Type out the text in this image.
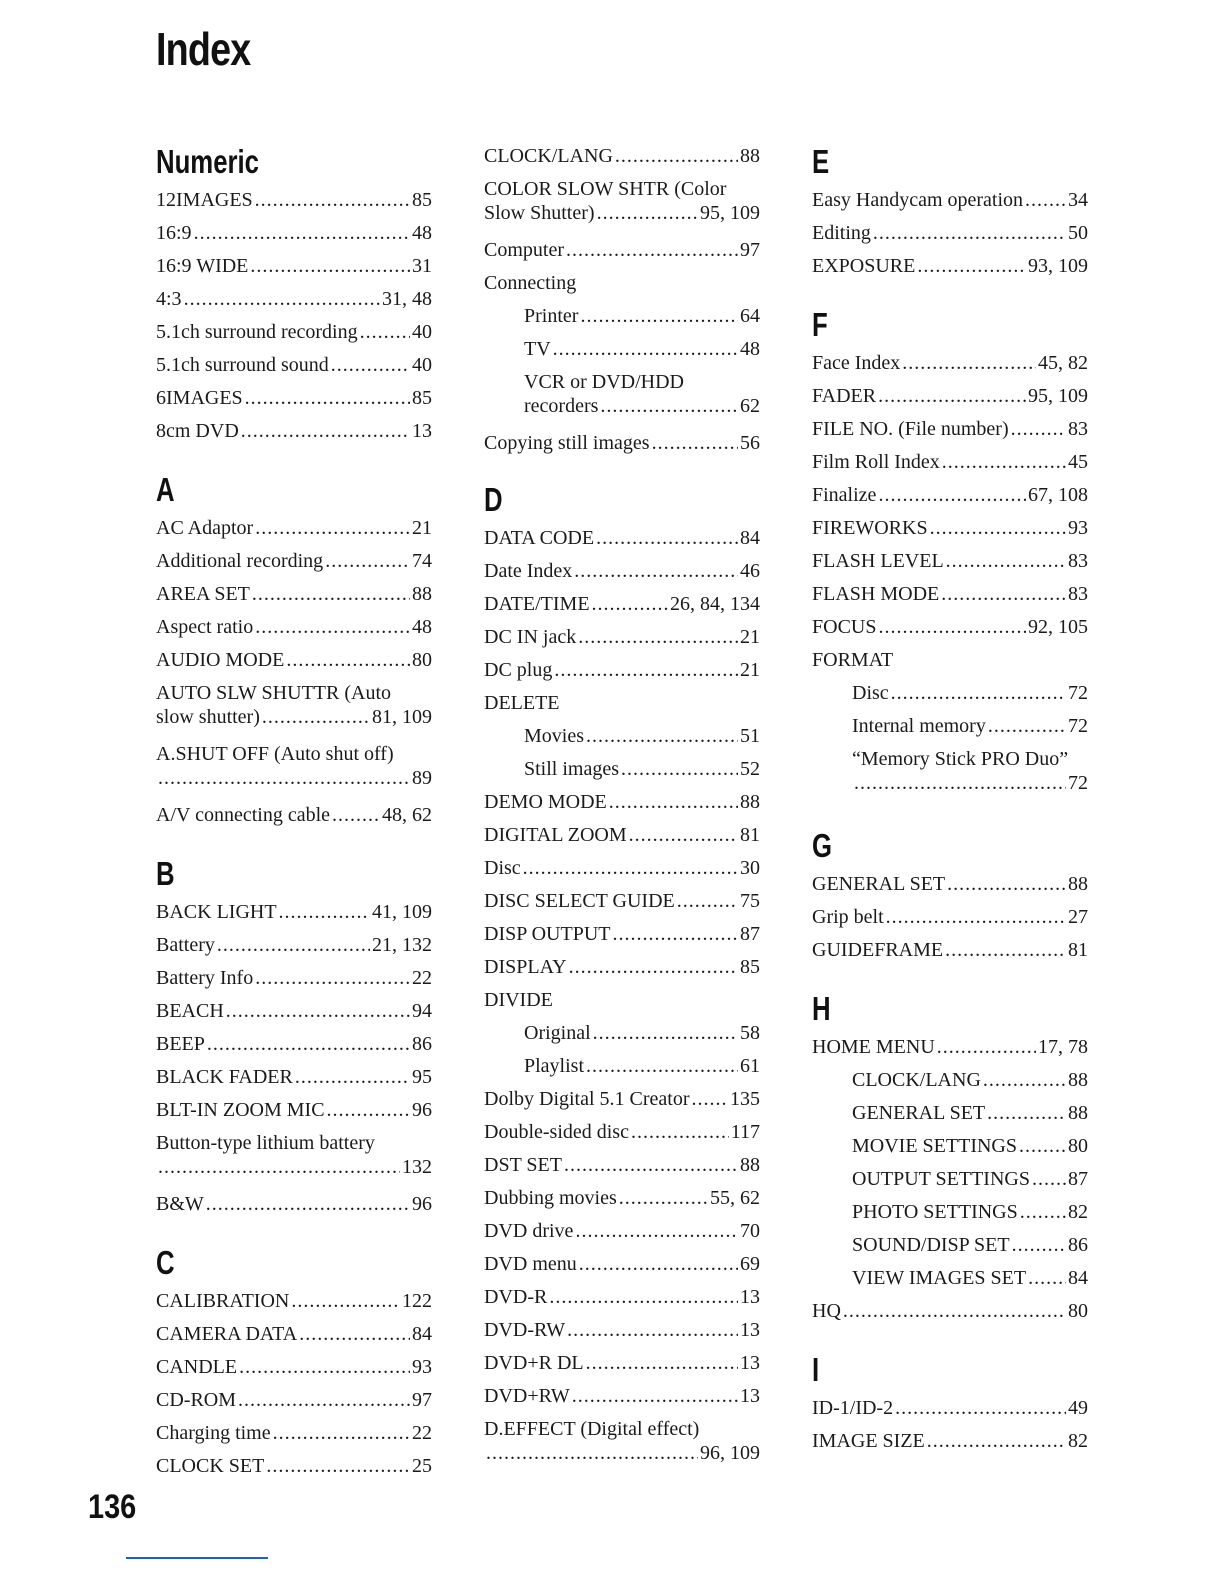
Index
Numeric
12IMAGES .....	85
16:9 .....	48
16:9 WIDE .....	31
4:3 .....	31, 48
5.1ch surround recording .....	40
5.1ch surround sound .....	40
6IMAGES .....	85
8cm DVD .....	13
A
AC Adaptor .....	21
Additional recording .....	74
AREA SET .....	88
Aspect ratio .....	48
AUDIO MODE .....	80
AUTO SLW SHUTTR (Auto
slow shutter) .....	81, 109
A.SHUT OFF (Auto shut off)
.....
89
A/V connecting cable .....	48, 62
B
BACK LIGHT .....	41, 109
Battery .....	21, 132
Battery Info .....	22
BEACH .....	94
BEEP .....	86
BLACK FADER .....	95
BLT-IN ZOOM MIC .....	96
Button-type lithium battery
.....
132
B&W .....	96
C
CALIBRATION .....	122
CAMERA DATA .....	84
CANDLE .....	93
CD-ROM .....	97
Charging time .....	22
CLOCK SET .....	25
CLOCK/LANG .....	88
COLOR SLOW SHTR (Color
Slow Shutter) .....	95, 109
Computer .....	97
Connecting
Printer .....	64
TV .....	48
VCR or DVD/HDD
recorders .....	62
Copying still images .....	56
D
DATA CODE .....	84
Date Index .....	46
DATE/TIME .....	26, 84, 134
DC IN jack .....	21
DC plug .....	21
DELETE
Movies .....	51
Still images .....	52
DEMO MODE .....	88
DIGITAL ZOOM .....	81
Disc .....	30
DISC SELECT GUIDE .....	75
DISP OUTPUT .....	87
DISPLAY .....	85
DIVIDE
Original .....	58
Playlist .....	61
Dolby Digital 5.1 Creator ..... 135
Double-sided disc .....	117
DST SET .....	88
Dubbing movies .....	55, 62
DVD drive .....	70
DVD menu .....	69
DVD-R .....	13
DVD-RW .....	13
DVD+R DL .....	13
DVD+RW .....	13
D.EFFECT (Digital effect)
.....
96, 109
E
Easy Handycam operation ..... 34
Editing .....	50
EXPOSURE .....	93, 109
F
Face Index .....	45, 82
FADER .....	95, 109
FILE NO. (File number) .....	83
Film Roll Index .....	45
Finalize .....	67, 108
FIREWORKS .....	93
FLASH LEVEL .....	83
FLASH MODE .....	83
FOCUS .....	92, 105
FORMAT
Disc .....	72
Internal memory .....	72
“Memory Stick PRO Duo”
.....
72
G
GENERAL SET .....	88
Grip belt .....	27
GUIDEFRAME .....	81
H
HOME MENU .....	17, 78
CLOCK/LANG .....	88
GENERAL SET .....	88
MOVIE SETTINGS .....	80
OUTPUT SETTINGS ..... 87
PHOTO SETTINGS .....	82
SOUND/DISP SET .....	86
VIEW IMAGES SET ..... 84
HQ .....	80
I
ID-1/ID-2 .....	49
IMAGE SIZE .....	82
136
